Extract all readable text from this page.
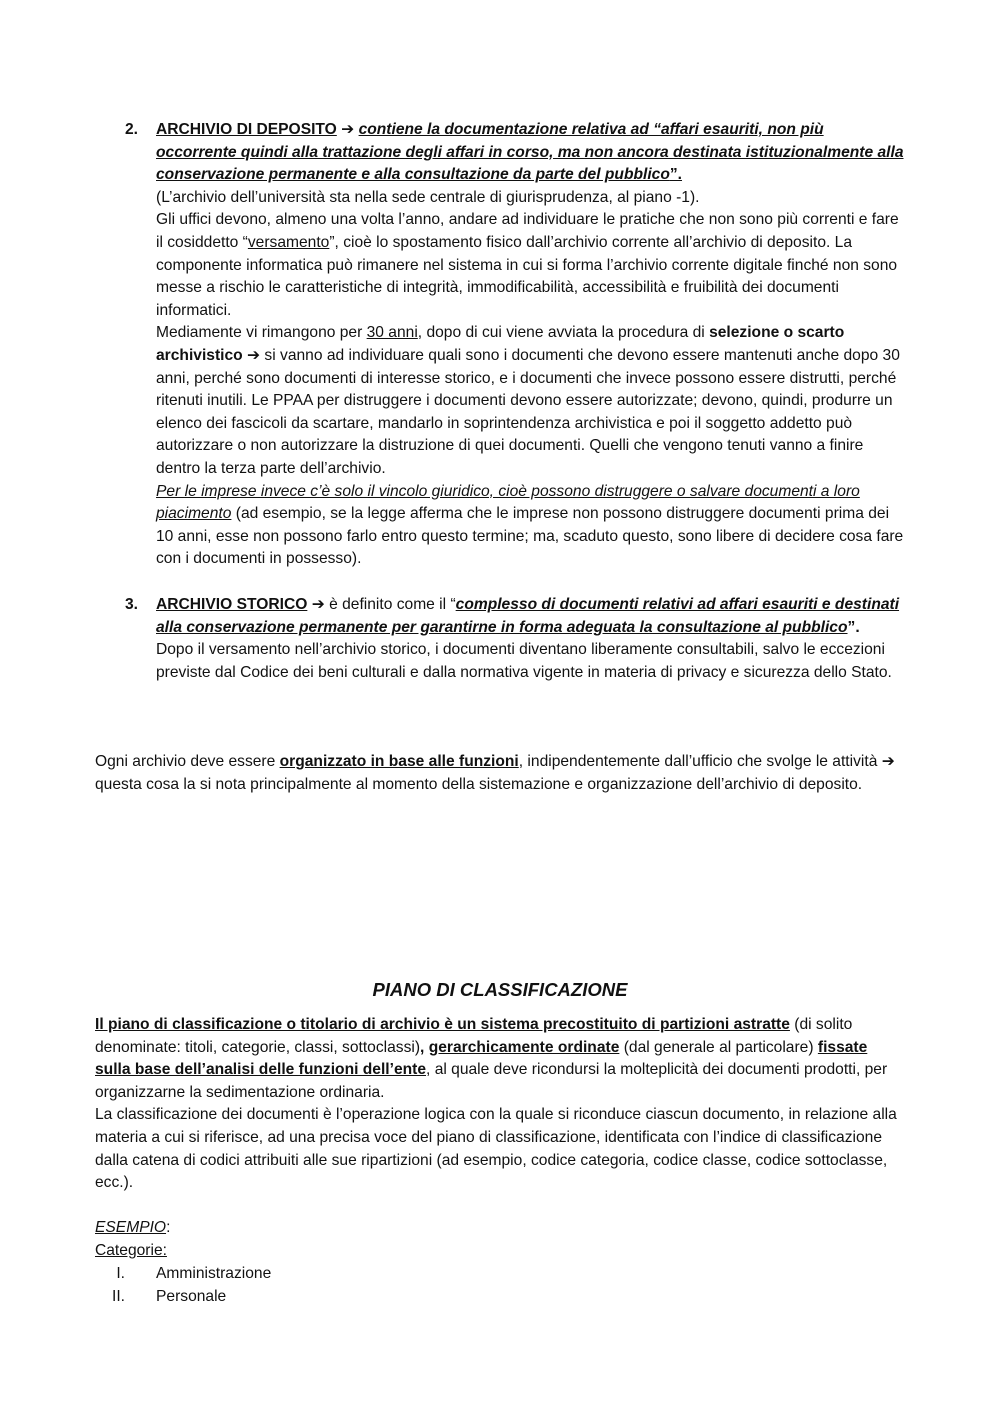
2. ARCHIVIO DI DEPOSITO ➔ contiene la documentazione relativa ad “affari esauriti, non più occorrente quindi alla trattazione degli affari in corso, ma non ancora destinata istituzionalmente alla conservazione permanente e alla consultazione da parte del pubblico”.

(L’archivio dell’università sta nella sede centrale di giurisprudenza, al piano -1).

Gli uffici devono, almeno una volta l’anno, andare ad individuare le pratiche che non sono più correnti e fare il cosiddetto “versamento”, cioè lo spostamento fisico dall’archivio corrente all’archivio di deposito. La componente informatica può rimanere nel sistema in cui si forma l’archivio corrente digitale finché non sono messe a rischio le caratteristiche di integrità, immodificabilità, accessibilità e fruibilità dei documenti informatici.

Mediamente vi rimangono per 30 anni, dopo di cui viene avviata la procedura di selezione o scarto archivistico ➔ si vanno ad individuare quali sono i documenti che devono essere mantenuti anche dopo 30 anni, perché sono documenti di interesse storico, e i documenti che invece possono essere distrutti, perché ritenuti inutili. Le PPAA per distruggere i documenti devono essere autorizzate; devono, quindi, produrre un elenco dei fascicoli da scartare, mandarlo in soprintendenza archivistica e poi il soggetto addetto può autorizzare o non autorizzare la distruzione di quei documenti. Quelli che vengono tenuti vanno a finire dentro la terza parte dell’archivio.

Per le imprese invece c’è solo il vincolo giuridico, cioè possono distruggere o salvare documenti a loro piacimento (ad esempio, se la legge afferma che le imprese non possono distruggere documenti prima dei 10 anni, esse non possono farlo entro questo termine; ma, scaduto questo, sono libere di decidere cosa fare con i documenti in possesso).

3. ARCHIVIO STORICO ➔ è definito come il “complesso di documenti relativi ad affari esauriti e destinati alla conservazione permanente per garantirne in forma adeguata la consultazione al pubblico”.

Dopo il versamento nell’archivio storico, i documenti diventano liberamente consultabili, salvo le eccezioni previste dal Codice dei beni culturali e dalla normativa vigente in materia di privacy e sicurezza dello Stato.

Ogni archivio deve essere organizzato in base alle funzioni, indipendentemente dall’ufficio che svolge le attività ➔ questa cosa la si nota principalmente al momento della sistemazione e organizzazione dell’archivio di deposito.

PIANO DI CLASSIFICAZIONE

Il piano di classificazione o titolario di archivio è un sistema precostituito di partizioni astratte (di solito denominate: titoli, categorie, classi, sottoclassi), gerarchicamente ordinate (dal generale al particolare) fissate sulla base dell’analisi delle funzioni dell’ente, al quale deve ricondursi la molteplicità dei documenti prodotti, per organizzarne la sedimentazione ordinaria.

La classificazione dei documenti è l’operazione logica con la quale si riconduce ciascun documento, in relazione alla materia a cui si riferisce, ad una precisa voce del piano di classificazione, identificata con l’indice di classificazione dalla catena di codici attribuiti alle sue ripartizioni (ad esempio, codice categoria, codice classe, codice sottoclasse, ecc.).

ESEMPIO:

Categorie:

I. Amministrazione
II. Personale
